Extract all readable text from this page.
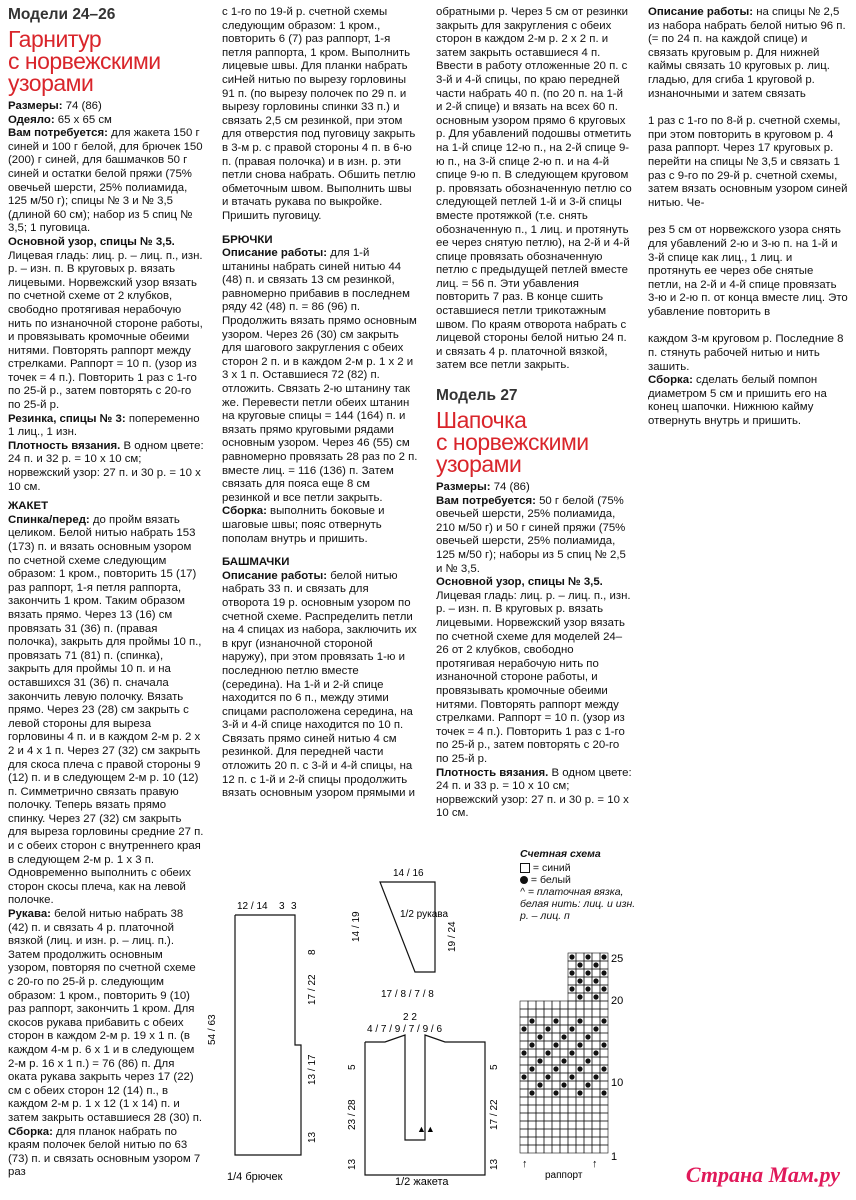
Модели 24–26
Гарнитур
с норвежскими
узорами

Размеры: 74 (86)

Одеяло: 65 x 65 см

Вам потребуется: для жакета 150 г синей и 100 г белой, для брючек 150 (200) г синей, для башмачков 50 г синей и остатки белой пряжи (75% овечьей шерсти, 25% полиамида, 125 м/50 г); спицы № 3 и № 3,5 (длиной 60 см); набор из 5 спиц № 3,5; 1 пуговица.

Основной узор, спицы № 3,5. Лицевая гладь: лиц. р. – лиц. п., изн. р. – изн. п. В круговых р. вязать лицевыми. Норвежский узор вязать по счетной схеме от 2 клубков, свободно протягивая нерабочую нить по изнаночной стороне работы, и провязывать кромочные обеими нитями. Повторять раппорт между стрелками. Раппорт = 10 п. (узор из точек = 4 п.). Повторить 1 раз с 1-го по 25-й р., затем повторять с 20-го по 25-й р.

Резинка, спицы № 3: попеременно 1 лиц., 1 изн.

Плотность вязания. В одном цвете: 24 п. и 32 р. = 10 х 10 см; норвежский узор: 27 п. и 30 р. = 10 х 10 см.

ЖАКЕТ

Спинка/перед: до пройм вязать целиком. Белой нитью набрать 153 (173) п. и вязать основным узором по счетной схеме следующим образом: 1 кром., повторить 15 (17) раз раппорт, 1-я петля раппорта, закончить 1 кром. Таким образом вязать прямо. Через 13 (16) см провязать 31 (36) п. (правая полочка), закрыть для проймы 10 п., провязать 71 (81) п. (спинка), закрыть для проймы 10 п. и на оставшихся 31 (36) п. сначала закончить левую полочку. Вязать прямо. Через 23 (28) см закрыть с левой стороны для выреза горловины 4 п. и в каждом 2-м р. 2 х 2 и 4 х 1 п. Через 27 (32) см закрыть для скоса плеча с правой стороны 9 (12) п. и в следующем 2-м р. 10 (12) п. Симметрично связать правую полочку. Теперь вязать прямо спинку. Через 27 (32) см закрыть для выреза горловины средние 27 п. и с обеих сторон с внутреннего края в следующем 2-м р. 1 х 3 п. Одновременно выполнить с обеих сторон скосы плеча, как на левой полочке.

Рукава: белой нитью набрать 38 (42) п. и связать 4 р. платочной вязкой (лиц. и изн. р. – лиц. п.). Затем продолжить основным узором, повторяя по счетной схеме с 20-го по 25-й р. следующим образом: 1 кром., повторить 9 (10) раз раппорт, закончить 1 кром. Для скосов рукава прибавить с обеих сторон в каждом 2-м р. 19 х 1 п. (в каждом 4-м р. 6 х 1 и в следующем 2-м р. 16 х 1 п.) = 76 (86) п. Для оката рукава закрыть через 17 (22) см с обеих сторон 12 (14) п., в каждом 2-м р. 1 х 12 (1 х 14) п. и затем закрыть оставшиеся 28 (30) п.

Сборка: для планок набрать по краям полочек белой нитью по 63 (73) п. и связать основным узором 7 раз

с 1-го по 19-й р. счетной схемы следующим образом: 1 кром., повторить 6 (7) раз раппорт, 1-я петля раппорта, 1 кром. Выполнить лицевые швы. Для планки набрать сиНей нитью по вырезу горловины 91 п. (по вырезу полочек по 29 п. и вырезу горловины спинки 33 п.) и связать 2,5 см резинкой, при этом для отверстия под пуговицу закрыть в 3-м р. с правой стороны 4 п. в 6-ю п. (правая полочка) и в изн. р. эти петли снова набрать. Обшить петлю обметочным швом. Выполнить швы и втачать рукава по выкройке. Пришить пуговицу.

БРЮЧКИ

Описание работы: для 1-й штанины набрать синей нитью 44 (48) п. и связать 13 см резинкой, равномерно прибавив в последнем ряду 42 (48) п. = 86 (96) п. Продолжить вязать прямо основным узором. Через 26 (30) см закрыть для шагового закругления с обеих сторон 2 п. и в каждом 2-м р. 1 х 2 и 3 х 1 п. Оставшиеся 72 (82) п. отложить. Связать 2-ю штанину так же. Перевести петли обеих штанин на круговые спицы = 144 (164) п. и вязать прямо круговыми рядами основным узором. Через 46 (55) см равномерно провязать 28 раз по 2 п. вместе лиц. = 116 (136) п. Затем связать для пояса еще 8 см резинкой и все петли закрыть.

Сборка: выполнить боковые и шаговые швы; пояс отвернуть пополам внутрь и пришить.

БАШМАЧКИ

Описание работы: белой нитью набрать 33 п. и связать для отворота 19 р. основным узором по счетной схеме. Распределить петли на 4 спицах из набора, заключить их в круг (изнаночной стороной наружу), при этом провязать 1-ю и последнюю петлю вместе (середина). На 1-й и 2-й спице находится по 6 п., между этими спицами расположена середина, на 3-й и 4-й спице находится по 10 п. Связать прямо синей нитью 4 см резинкой. Для передней части отложить 20 п. с 3-й и 4-й спицы, на 12 п. с 1-й и 2-й спицы продолжить вязать основным узором прямыми и

обратными р. Через 5 см от резинки закрыть для закругления с обеих сторон в каждом 2-м р. 2 х 2 п. и затем закрыть оставшиеся 4 п. Ввести в работу отложенные 20 п. с 3-й и 4-й спицы, по краю передней части набрать 40 п. (по 20 п. на 1-й и 2-й спице) и вязать на всех 60 п. основным узором прямо 6 круговых р. Для убавлений подошвы отметить на 1-й спице 12-ю п., на 2-й спице 9-ю п., на 3-й спице 2-ю п. и на 4-й спице 9-ю п. В следующем круговом р. провязать обозначенную петлю со следующей петлей 1-й и 3-й спицы вместе протяжкой (т.е. снять обозначенную п., 1 лиц. и протянуть ее через снятую петлю), на 2-й и 4-й спице провязать обозначенную петлю с предыдущей петлей вместе лиц. = 56 п. Эти убавления повторить 7 раз. В конце сшить оставшиеся петли трикотажным швом. По краям отворота набрать с лицевой стороны белой нитью 24 п. и связать 4 р. платочной вязкой, затем все петли закрыть.

Модель 27
Шапочка
с норвежскими
узорами

Размеры: 74 (86)

Вам потребуется: 50 г белой (75% овечьей шерсти, 25% полиамида, 210 м/50 г) и 50 г синей пряжи (75% овечьей шерсти, 25% полиамида, 125 м/50 г); наборы из 5 спиц № 2,5 и № 3,5.

Основной узор, спицы № 3,5. Лицевая гладь: лиц. р. – лиц. п., изн. р. – изн. п. В круговых р. вязать лицевыми. Норвежский узор вязать по счетной схеме для моделей 24–26 от 2 клубков, свободно протягивая нерабочую нить по изнаночной стороне работы, и провязывать кромочные обеими нитями. Повторять раппорт между стрелками. Раппорт = 10 п. (узор из точек = 4 п.). Повторить 1 раз с 1-го по 25-й р., затем повторять с 20-го по 25-й р.

Плотность вязания. В одном цвете: 24 п. и 33 р. = 10 х 10 см; норвежский узор: 27 п. и 30 р. = 10 х 10 см.

Описание работы: на спицы № 2,5 из набора набрать белой нитью 96 п. (= по 24 п. на каждой спице) и связать круговым р. Для нижней каймы связать 10 круговых р. лиц. гладью, для сгиба 1 круговой р. изнаночными и затем связать

1 раз с 1-го по 8-й р. счетной схемы, при этом повторить в круговом р. 4 раза раппорт. Через 17 круговых р. перейти на спицы № 3,5 и связать 1 раз с 9-го по 29-й р. счетной схемы, затем вязать основным узором синей нитью. Че-

рез 5 см от норвежского узора снять для убавлений 2-ю и 3-ю п. на 1-й и 3-й спице как лиц., 1 лиц. и протянуть ее через обе снятые петли, на 2-й и 4-й спице провязать 3-ю и 2-ю п. от конца вместе лиц. Это убавление повторить в

каждом 3-м круговом р. Последние 8 п. стянуть рабочей нитью и нить зашить.

Сборка: сделать белый помпон диаметром 5 см и пришить его на конец шапочки. Нижнюю кайму отвернуть внутрь и пришить.

12 / 14 3 3
54 / 63
8
17 / 22
13 / 17
13
1/4 брючек
14 / 16
1/2 рукава
14 / 19	19 / 24
17 / 8 / 7 / 8
2 2
4 / 7 / 9 / 7 / 9 / 6
5
23 / 28
13
5
17 / 22
13
▲▲
1/2 жакета
Счетная схема
= синий
= белый
^ = платочная вязка, белая нить: лиц. и изн. р. – лиц. п
↑	↑
25
20
10
1
раппорт	Страна Мам.ру
